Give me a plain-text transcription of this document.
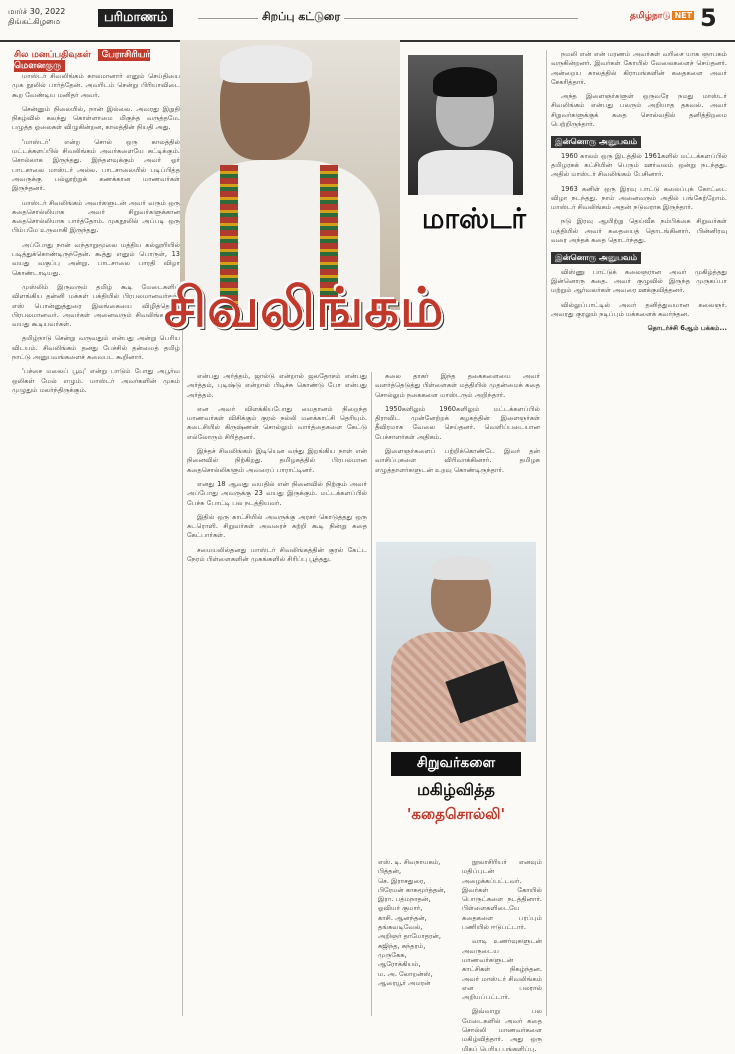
மார்ச் 30, 2022
திங்கட்கிழமை	பரிமாணம்	சிறப்பு கட்டுரை	தமிழ்நாடு NET 5
சில மனப்பதிவுகள் பேராசிரியர் மௌனகுரு

மாஸ்டர் சிவலிங்கம் காலமானார் எனும் செய்தியை முக நூலில் பார்த்தேன். அவரிடம் சென்று பிரியாவிடை கூற வேண்டிய மனிதர் அவர்.

சென்னும் நிலையில், நான் இல்லை. அவரது இறுதி நிகழ்வில் கலந்து கொள்ளாமை மிகுந்த வருத்தமே. பழுத்த ஓலைகள் விழுகின்றன, காலத்தின் நியதி அது.

'மாஸ்டர்' என்ற சொல் ஒரு காலத்தில் மட்டக்களப்பில் சிவலிங்கம் அவர்களையே சுட்டிக்கும். சொல்லாக இருந்தது. இந்தளவுக்கும் அவர் ஓர் பாடசாலை மாஸ்டர் அல்ல. பாடசாலையில் படிப்பித்த அவருக்கு பல்லூற்றுக் கணக்கான மாணவர்கள் இருந்தனர்.

மாஸ்டர் சிவலிங்கம் அவர்களுடன் அவர் வரும் ஒரு கதைசொல்லியாக அவர் சிறுவர்களுக்கான கதைசொல்லியாக பார்த்தோம். முகநூலில் அப்படி ஒரு பிம்பமே உருவாகி இருந்தது.

அப்போது நான் வந்தாறுமூலை மத்திய கல்லூரியில் படித்துக்கொண்டிருந்தேன். கூத்து எனும் பொருள், 13 வயது வகுப்பு அன்று. பாடசாலை பாரதி விழா கொண்டாடியது.

முஸ்லிம் இருவரும் தமிழ் கூடி மேடைகளில் விளங்கிய தன்னி மக்கள் பக்தியில் பிரபலமானவர்கள். எஸ் பொன்னுத்துரை இலங்கையை விழித்தெழப் பிரபலமானவர். அவர்கள் அனைவரும் சிவலிங்கத்தின் வயது கூடியவர்கள்.

தமிழ்நாடு சென்று வருவதும் என்பது அன்று பெரிய விடயம். சிவலிங்கம் தனது பேச்சில் தன்மைத் தமிழ் நாட்டு அனுபவங்களைச் சுவைபட கூறினார்.

'பச்சை மலைப் பூவு' என்று பாடும் போது அபூர்வ ஒலிகள் மேல் எழும். மாஸ்டர் அவர்களின் முகம் முழுதும் மலர்ந்திருக்கும்.

மாஸ்டர்
சிவலிங்கம்

என்பது அர்த்தம், ஜால்டு என்றால் ஜலதோசம் என்பது அர்த்தம், புடிஷ்டு என்றால் பிடிச்சு கொண்டு போ என்பது அர்த்தம்.

என அவர் விளக்கியபோது மைதானம் நிறைந்த மாணவர்கள் விசிக்கும் குரல் நல்லி மனக்காட்சி தெரியும். கடைசியில் கிருஷ்ணன் சொல்லும் வார்த்தைகளை கேட்டு எல்லோரும் சிரித்தனர்.

இந்தச் சிவலிங்கம் இடியென வந்து இறங்கிய நாள் என் நினைவில் நிற்கிறது. தமிழகத்தில் பிரபலமான கதைசொல்லிகளும் அவரைப் பாராட்டினர்.

எனது 18 ஆவது வயதில் என் நினைவில் நிற்கும் அவர் அப்போது அவருக்கு 23 வயது இருக்கும். மட்டக்களப்பில் பேச்சு போட்டி பல நடத்தியவர்.

இதில் ஒரு காட்சியில் அவருக்கு அரசர் கொடுத்தது ஒரு சுடரொளி. சிறுவர்கள் அவரைச் சுற்றி கூடி நின்று கதை கேட்பார்கள்.

சமையலில்தனது மாஸ்டர் சிவலிங்கத்தின் குரல் கேட்ட நேரம் பிள்ளைகளின் முகங்களில் சிரிப்பு பூத்தது.

கலை தாகர் இந்த தகைகளையை அவர் வளர்த்தெடுத்து பிள்ளைகள் மத்தியில் முதன்மைக் கதை சொல்லும் நகைகளை மாஸ்டரும் அறிந்தார்.

1950களிலும் 1960களிலும் மட்டக்களப்பில் திராவிட முன்னேற்றக் கழகத்தின் இளைஞர்கள் தீவிரமாக வேலை செய்தனர். வெளிப்படையான பேச்சாளர்கள் அதிகம்.

இளைஞர்களைப் பற்றிக்கொண்டே இவர் தன் வாசிப்புகளை விரிவாக்கினார். தமிழக எழுத்தாளர்களுடன் உறவு கொண்டிருந்தார்.

சிறுவர்களை
மகிழ்வித்த
'கதைசொல்லி'
எஸ். டி. சிவநாயகம்,
பித்தன்,
செ. இராசதுரை,
பிரேமன் காசுமூர்த்தன்,
இரா. பத்மநாதன்,
ஓவியர் குமார்,
காசி. ஆனந்தன்,
தங்கவடிவேல்,
அறிஞர் தாமோதரன்,
சுஜிந்த, சுந்தரம்,
முருகேசு,
ஆரோக்கியம்,
ம. அ. லோறன்ஸ்,
ஆரையூர் அமரன்

நூலாசிரியர் எனவும் மதிப்புடன் அழைக்கப்பட்டவர். இவர்கள் கோயில் பொருட்களை நடத்தினார். பிள்ளைகளிடையே கதைகளை பரப்பும் பணியில் ஈடுபட்டார்.

வாடி உணர்வுகளுடன் அவருடைய மாணவர்களுடன் காட்சிகள் நிகழ்ந்தன. அவர் மாஸ்டர் சிவலிங்கம் என பலரால் அறியப்பட்டார்.

இவ்வாறு பல மேடைகளில் அவர் கதை சொல்லி மாணவர்களை மகிழ்வித்தார். அது ஒரு மிகப் பெரிய பங்களிப்பு.

நமலி என் என் மரணம் அவர்கள் வரிசை யாக ஞாபகம் வருகின்றனர். இவர்கள் கோயில் வேலைகளைச் செய்தனர். அன்றைய காலத்தில் கிராமங்களின் கதைகளை அவர் சேகரித்தார்.

அந்த இளைஞர்களுள் ஒருவரே நமது மாஸ்டர் சிவலிங்கம் என்பது பலரும் அறியாத தகவல். அவர் சிறுவர்களுக்குக் கதை சொல்வதில் தனித்திறமை பெற்றிருந்தார்.

இன்னொரு அனுபவம்

1960 காலம் ஒரு இடத்தில் 1961களில் மட்டக்களப்பில் தமிழரசுக் கட்சியின் பெரும் ஊர்வலம் ஒன்று நடந்தது. அதில் மாஸ்டர் சிவலிங்கம் பேசினார்.

1963 கனிள் ஒரு இரவு பாட்டு கலைப்புக் கோட்டை விழா நடந்தது. நாம் அனைவரும் அதில் பங்கேற்றோம். மாஸ்டர் சிவலிங்கம் அதன் நடுவராக இருந்தார்.

நடு இரவு ஆயிற்று தெய்வீக நம்பிக்கை சிறுவர்கள் மத்தியில் அவர் கதையைத் தொடங்கினார். பின்னிரவு வரை அந்தக் கதை தொடர்ந்தது.

இன்னொரு அனுபவம்

விஸ்ணு பாட்டுக் கலைஞரான அவர் முகிழ்த்தது இன்னொரு கதை. அவர் குழுவில் இருந்த முருகப்பா மற்றும் ஆர்வலர்கள் அவரை ஊக்குவித்தனர்.

வில்லுப்பாட்டில் அவர் தனித்துவமான கலைஞர். அவரது குரலும் நடிப்பும் மக்களைக் கவர்ந்தன.

தொடர்ச்சி 6ஆம் பக்கம்...
